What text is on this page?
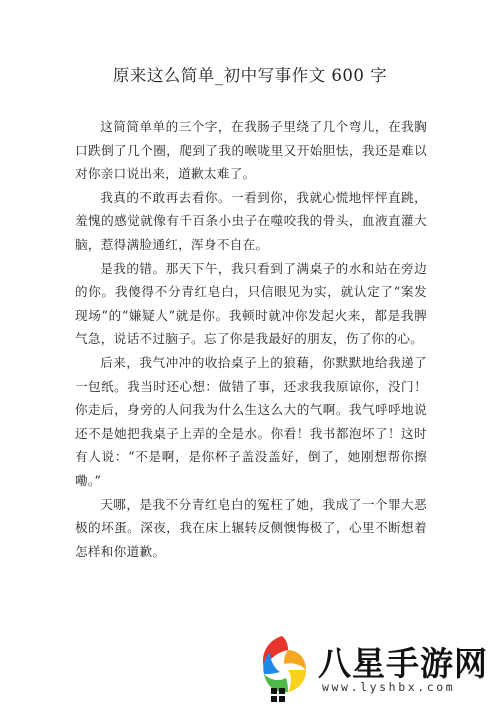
原来这么简单_初中写事作文 600 字

这简简单单的三个字，在我肠子里绕了几个弯儿，在我胸口跌倒了几个圈，爬到了我的喉咙里又开始胆怯，我还是难以对你亲口说出来，道歉太难了。

我真的不敢再去看你。一看到你，我就心慌地怦怦直跳，羞愧的感觉就像有千百条小虫子在噬咬我的骨头，血液直灌大脑，惹得满脸通红，浑身不自在。

是我的错。那天下午，我只看到了满桌子的水和站在旁边的你。我傻得不分青红皂白，只信眼见为实，就认定了“案发现场”的“嫌疑人”就是你。我顿时就冲你发起火来，都是我脾气急，说话不过脑子。忘了你是我最好的朋友，伤了你的心。

后来，我气冲冲的收拾桌子上的狼藉，你默默地给我递了一包纸。我当时还心想：做错了事，还求我我原谅你，没门！你走后，身旁的人问我为什么生这么大的气啊。我气呼呼地说还不是她把我桌子上弄的全是水。你看！我书都泡坏了！这时有人说：“不是啊，是你杯子盖没盖好，倒了，她刚想帮你擦嘞。”

天哪，是我不分青红皂白的冤枉了她，我成了一个罪大恶极的坏蛋。深夜，我在床上辗转反侧懊悔极了，心里不断想着怎样和你道歉。

八星手游网
www.lyshbx.com
